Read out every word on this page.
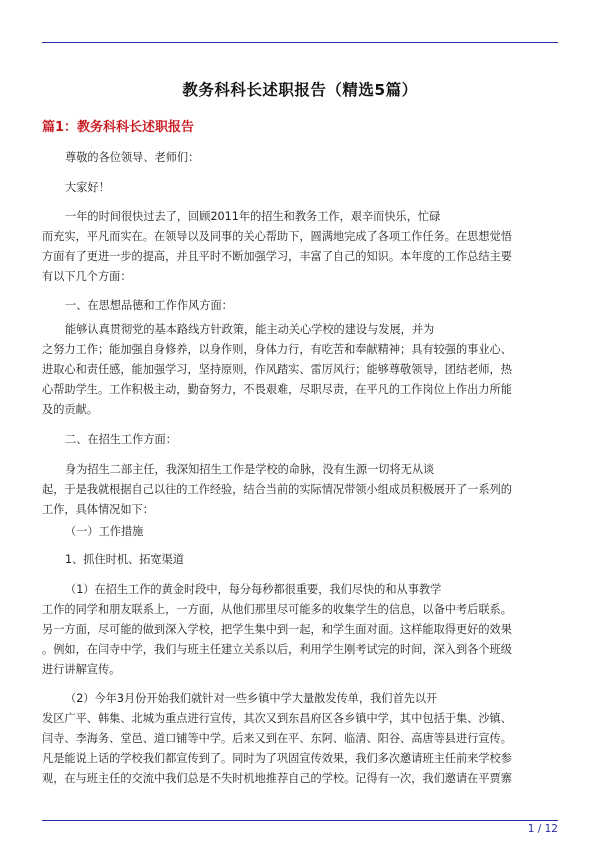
教务科科长述职报告（精选5篇）
篇1：教务科科长述职报告
尊敬的各位领导、老师们：
大家好！
一年的时间很快过去了，回顾2011年的招生和教务工作，艰辛而快乐，忙碌
而充实，平凡而实在。在领导以及同事的关心帮助下，圆满地完成了各项工作任务。在思想觉悟
方面有了更进一步的提高，并且平时不断加强学习，丰富了自己的知识。本年度的工作总结主要
有以下几个方面：
一、在思想品德和工作作风方面：
能够认真贯彻党的基本路线方针政策，能主动关心学校的建设与发展，并为
之努力工作；能加强自身修养，以身作则，身体力行，有吃苦和奉献精神；具有较强的事业心、
进取心和责任感，能加强学习，坚持原则，作风踏实、雷厉风行；能够尊敬领导，团结老师，热
心帮助学生。工作积极主动，勤奋努力，不畏艰难，尽职尽责，在平凡的工作岗位上作出力所能
及的贡献。
二、在招生工作方面：
身为招生二部主任，我深知招生工作是学校的命脉，没有生源一切将无从谈
起，于是我就根据自己以往的工作经验，结合当前的实际情况带领小组成员积极展开了一系列的
工作，具体情况如下：
（一）工作措施
1、抓住时机、拓宽渠道
（1）在招生工作的黄金时段中，每分每秒都很重要，我们尽快的和从事教学
工作的同学和朋友联系上，一方面，从他们那里尽可能多的收集学生的信息，以备中考后联系。
另一方面，尽可能的做到深入学校，把学生集中到一起，和学生面对面。这样能取得更好的效果
。例如，在闫寺中学，我们与班主任建立关系以后，利用学生刚考试完的时间，深入到各个班级
进行讲解宣传。
（2）今年3月份开始我们就针对一些乡镇中学大量散发传单，我们首先以开
发区广平、韩集、北城为重点进行宣传，其次又到东昌府区各乡镇中学，其中包括于集、沙镇、
闫寺、李海务、堂邑、道口铺等中学。后来又到在平、东阿、临清、阳谷、高唐等县进行宣传。
凡是能说上话的学校我们都宣传到了。同时为了巩固宣传效果，我们多次邀请班主任前来学校参
观，在与班主任的交流中我们总是不失时机地推荐自己的学校。记得有一次，我们邀请在平贾寨
1 / 12
